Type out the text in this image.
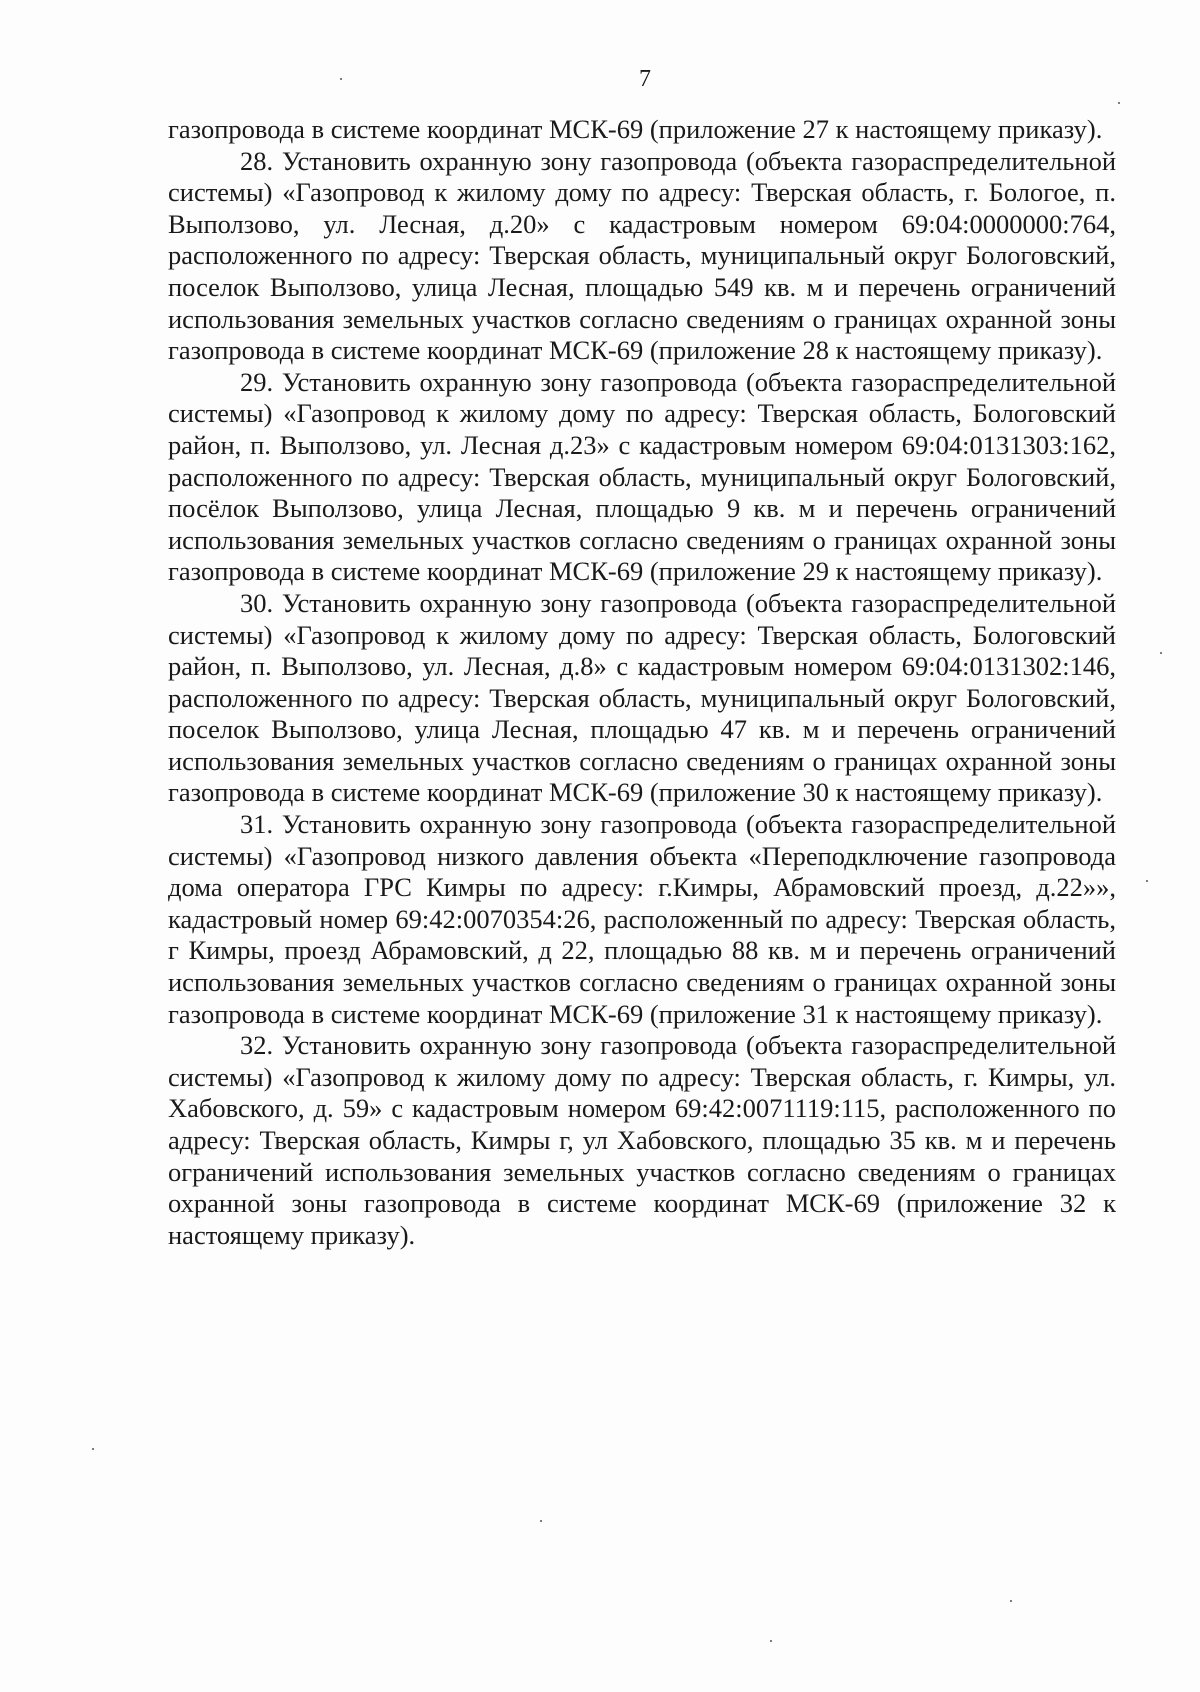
7

газопровода в системе координат МСК-69 (приложение 27 к настоящему приказу).

28. Установить охранную зону газопровода (объекта газораспределительной системы) «Газопровод к жилому дому по адресу: Тверская область, г. Бологое, п. Выползово, ул. Лесная, д.20» с кадастровым номером 69:04:0000000:764, расположенного по адресу: Тверская область, муниципальный округ Бологовский, поселок Выползово, улица Лесная, площадью 549 кв. м и перечень ограничений использования земельных участков согласно сведениям о границах охранной зоны газопровода в системе координат МСК-69 (приложение 28 к настоящему приказу).

29. Установить охранную зону газопровода (объекта газораспределительной системы) «Газопровод к жилому дому по адресу: Тверская область, Бологовский район, п. Выползово, ул. Лесная д.23» с кадастровым номером 69:04:0131303:162, расположенного по адресу: Тверская область, муниципальный округ Бологовский, посёлок Выползово, улица Лесная, площадью 9 кв. м и перечень ограничений использования земельных участков согласно сведениям о границах охранной зоны газопровода в системе координат МСК-69 (приложение 29 к настоящему приказу).

30. Установить охранную зону газопровода (объекта газораспределительной системы) «Газопровод к жилому дому по адресу: Тверская область, Бологовский район, п. Выползово, ул. Лесная, д.8» с кадастровым номером 69:04:0131302:146, расположенного по адресу: Тверская область, муниципальный округ Бологовский, поселок Выползово, улица Лесная, площадью 47 кв. м и перечень ограничений использования земельных участков согласно сведениям о границах охранной зоны газопровода в системе координат МСК-69 (приложение 30 к настоящему приказу).

31. Установить охранную зону газопровода (объекта газораспределительной системы) «Газопровод низкого давления объекта «Переподключение газопровода дома оператора ГРС Кимры по адресу: г.Кимры, Абрамовский проезд, д.22»», кадастровый номер 69:42:0070354:26, расположенный по адресу: Тверская область, г Кимры, проезд Абрамовский, д 22, площадью 88 кв. м и перечень ограничений использования земельных участков согласно сведениям о границах охранной зоны газопровода в системе координат МСК-69 (приложение 31 к настоящему приказу).

32. Установить охранную зону газопровода (объекта газораспределительной системы) «Газопровод к жилому дому по адресу: Тверская область, г. Кимры, ул. Хабовского, д. 59» с кадастровым номером 69:42:0071119:115, расположенного по адресу: Тверская область, Кимры г, ул Хабовского, площадью 35 кв. м и перечень ограничений использования земельных участков согласно сведениям о границах охранной зоны газопровода в системе координат МСК-69 (приложение 32 к настоящему приказу).
